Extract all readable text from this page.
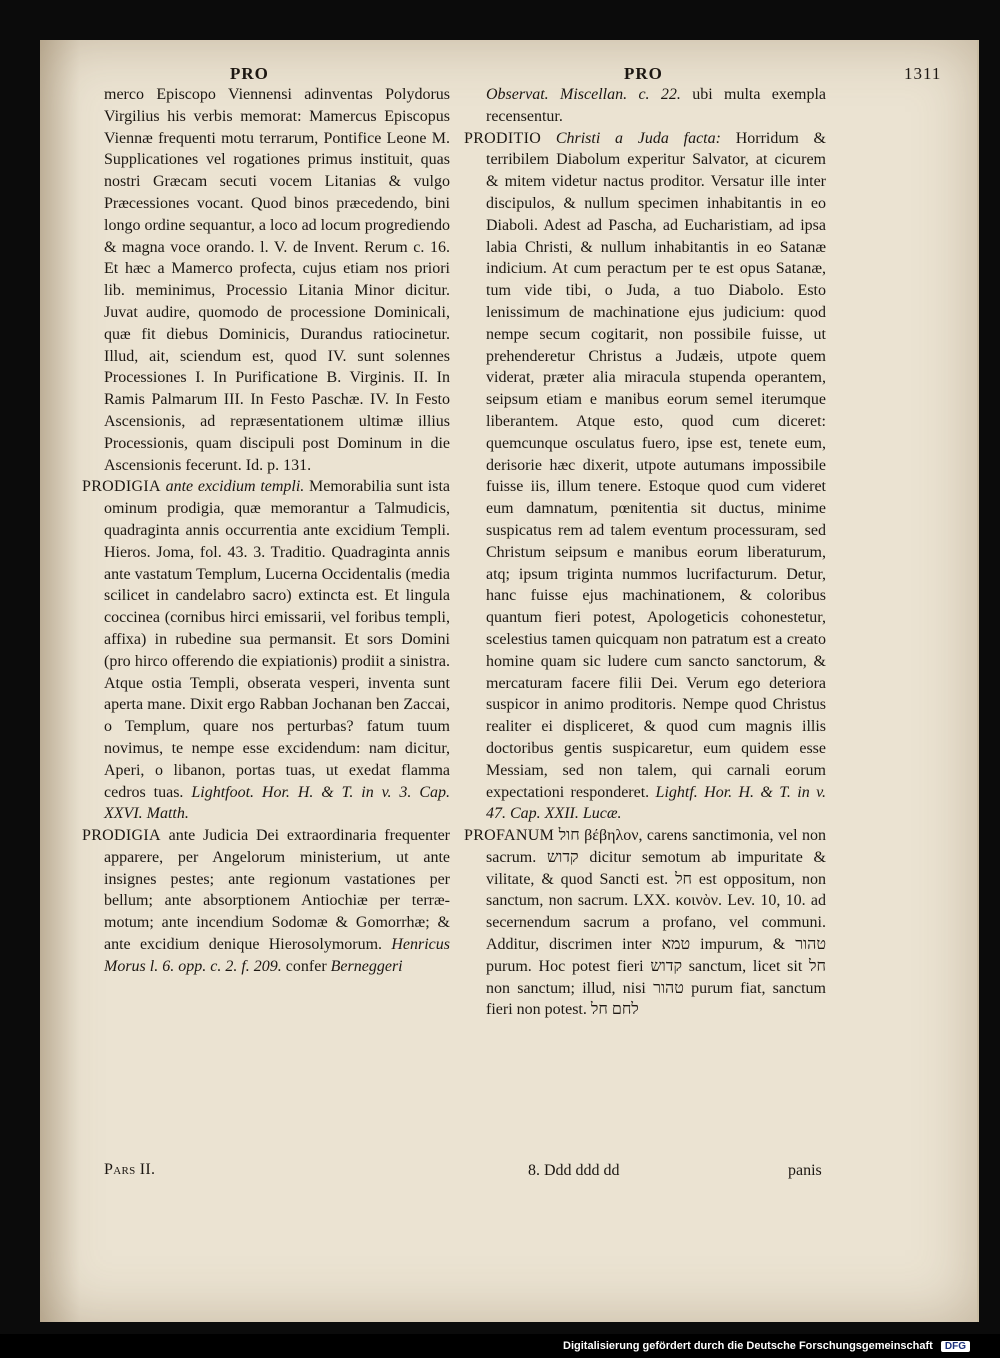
PRO	PRO	1311

merco Episcopo Viennensi adinventas Polydorus Virgilius his verbis memorat: Mamercus Episcopus Viennæ frequenti motu terrarum, Pontifice Leone M. Supplicationes vel rogationes primus instituit, quas nostri Græcam secuti vocem Litanias & vulgo Præcessiones vocant. Quod binos præcedendo, bini longo ordine sequantur, a loco ad locum progrediendo & magna voce orando. l. V. de Invent. Rerum c. 16. Et hæc a Mamerco profecta, cujus etiam nos priori lib. meminimus, Processio Litania Minor dicitur. Juvat audire, quomodo de processione Dominicali, quæ fit diebus Dominicis, Durandus ratiocinetur. Illud, ait, sciendum est, quod IV. sunt solennes Processiones I. In Purificatione B. Virginis. II. In Ramis Palmarum III. In Festo Paschæ. IV. In Festo Ascensionis, ad repræsentationem ultimæ illius Processionis, quam discipuli post Dominum in die Ascensionis fecerunt. Id. p. 131.

PRODIGIA ante excidium templi. Memorabilia sunt ista ominum prodigia, quæ memorantur a Talmudicis, quadraginta annis occurrentia ante excidium Templi. Hieros. Joma, fol. 43. 3. Traditio. Quadraginta annis ante vastatum Templum, Lucerna Occidentalis (media scilicet in candelabro sacro) extincta est. Et lingula coccinea (cornibus hirci emissarii, vel foribus templi, affixa) in rubedine sua permansit. Et sors Domini (pro hirco offerendo die expiationis) prodiit a sinistra. Atque ostia Templi, obserata vesperi, inventa sunt aperta mane. Dixit ergo Rabban Jochanan ben Zaccai, o Templum, quare nos perturbas? fatum tuum novimus, te nempe esse excidendum: nam dicitur, Aperi, o libanon, portas tuas, ut exedat flamma cedros tuas. Lightfoot. Hor. H. & T. in v. 3. Cap. XXVI. Matth.

PRODIGIA ante Judicia Dei extraordinaria frequenter apparere, per Angelorum ministerium, ut ante insignes pestes; ante regionum vastationes per bellum; ante absorptionem Antiochiæ per terræ-motum; ante incendium Sodomæ & Gomorrhæ; & ante excidium denique Hierosolymorum. Henricus Morus l. 6. opp. c. 2. f. 209. confer Berneggeri

Pars II.

Observat. Miscellan. c. 22. ubi multa exempla recensentur.

PRODITIO Christi a Juda facta: Horridum & terribilem Diabolum experitur Salvator, at cicurem & mitem videtur nactus proditor. Versatur ille inter discipulos, & nullum specimen inhabitantis in eo Diaboli. Adest ad Pascha, ad Eucharistiam, ad ipsa labia Christi, & nullum inhabitantis in eo Satanæ indicium. At cum peractum per te est opus Satanæ, tum vide tibi, o Juda, a tuo Diabolo. Esto lenissimum de machinatione ejus judicium: quod nempe secum cogitarit, non possibile fuisse, ut prehenderetur Christus a Judæis, utpote quem viderat, præter alia miracula stupenda operantem, seipsum etiam e manibus eorum semel iterumque liberantem. Atque esto, quod cum diceret: quemcunque osculatus fuero, ipse est, tenete eum, derisorie hæc dixerit, utpote autumans impossibile fuisse iis, illum tenere. Estoque quod cum videret eum damnatum, pœnitentia sit ductus, minime suspicatus rem ad talem eventum processuram, sed Christum seipsum e manibus eorum liberaturum, atq; ipsum triginta nummos lucrifacturum. Detur, hanc fuisse ejus machinationem, & coloribus quantum fieri potest, Apologeticis cohonestetur, scelestius tamen quicquam non patratum est a creato homine quam sic ludere cum sancto sanctorum, & mercaturam facere filii Dei. Verum ego deteriora suspicor in animo proditoris. Nempe quod Christus realiter ei displiceret, & quod cum magnis illis doctoribus gentis suspicaretur, eum quidem esse Messiam, sed non talem, qui carnali eorum expectationi responderet. Lightf. Hor. H. & T. in v. 47. Cap. XXII. Lucæ.

PROFANUM חול βέβηλον, carens sanctimonia, vel non sacrum. קדוש dicitur semotum ab impuritate & vilitate, & quod Sancti est. חל est oppositum, non sanctum, non sacrum. LXX. κοινὸν. Lev. 10, 10. ad secernendum sacrum a profano, vel communi. Additur, discrimen inter טמא impurum, & טהור purum. Hoc potest fieri קדוש sanctum, licet sit חל non sanctum; illud, nisi טהור purum fiat, sanctum fieri non potest. לחם חל

8. Ddd ddd dd	panis
Digitalisierung gefördert durch die Deutsche Forschungsgemeinschaft DFG
